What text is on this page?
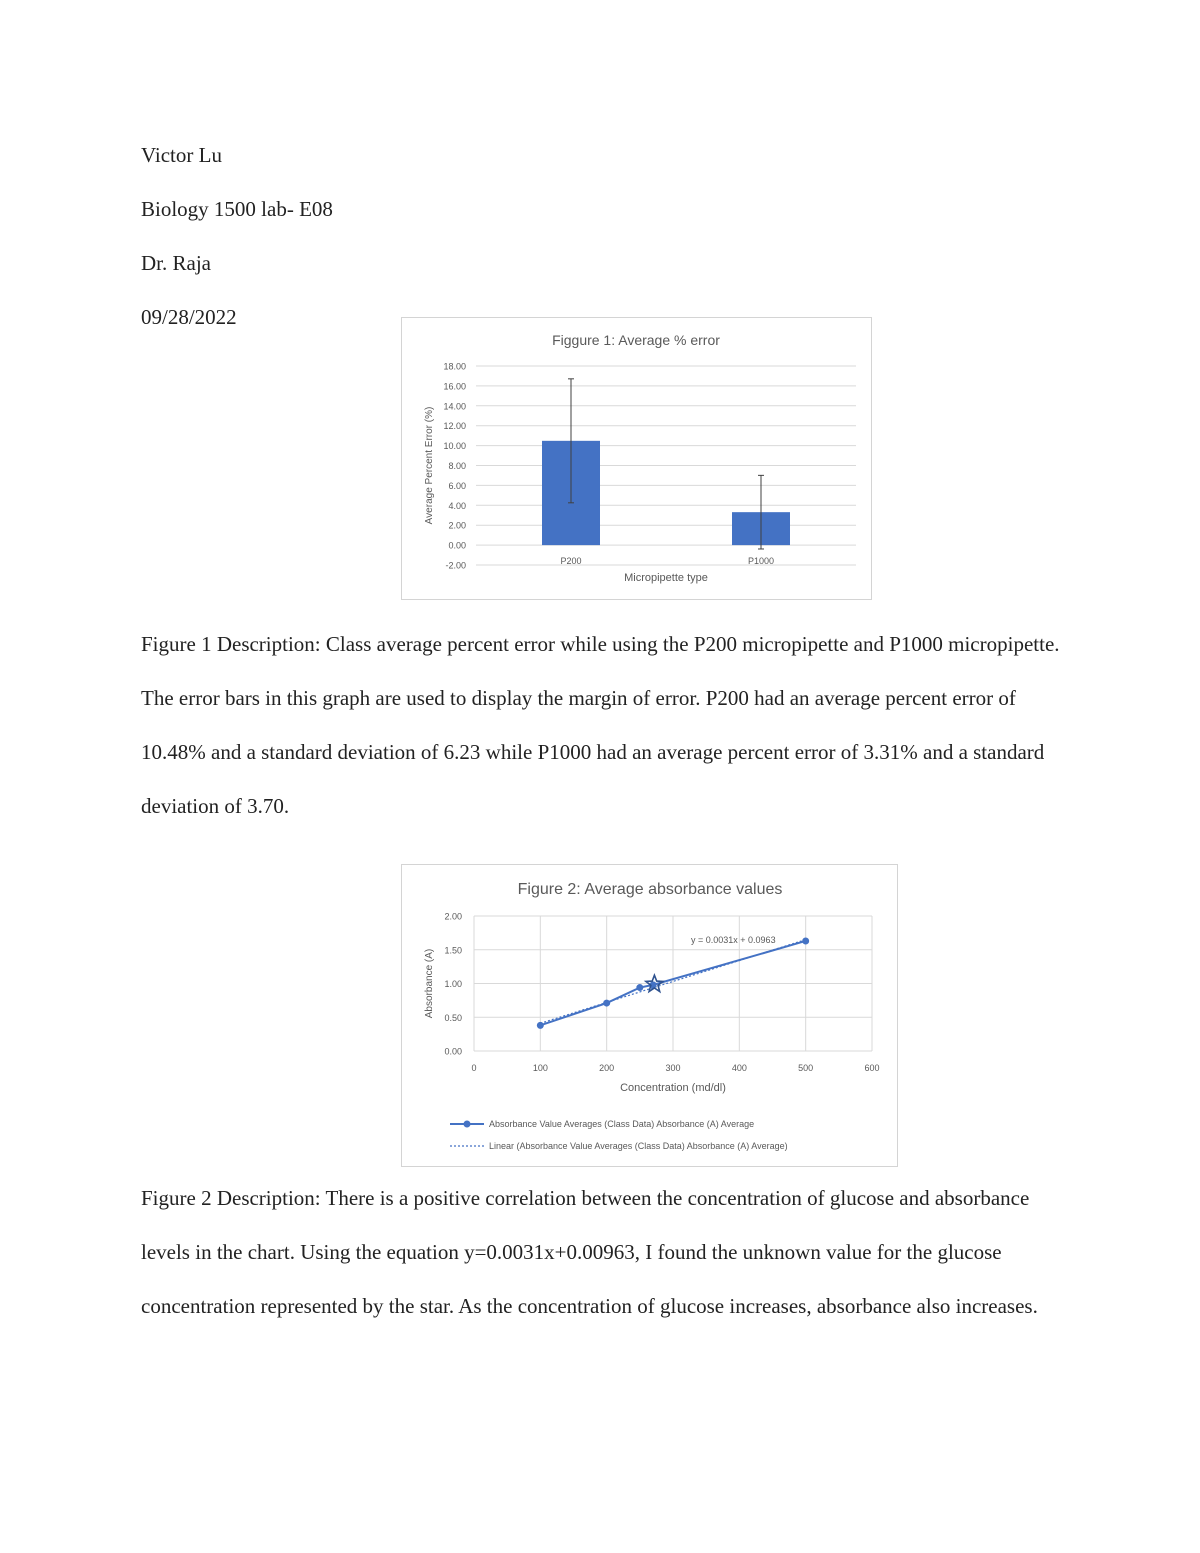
Victor Lu
Biology 1500 lab- E08
Dr. Raja
09/28/2022
Figgure 1: Average % error
18.00
16.00
14.00
12.00
10.00
8.00
6.00
4.00
2.00
0.00
-2.00	P200	P1000
Micropipette type
Average Percent Error (%)
Figure 1 Description: Class average percent error while using the P200 micropipette and P1000 micropipette. The error bars in this graph are used to display the margin of error. P200 had an average percent error of 10.48% and a standard deviation of 6.23 while P1000 had an average percent error of 3.31% and a standard deviation of 3.70.
Figure 2: Average absorbance values
2.00
1.50
1.00
0.50
0.00
0	100	200	300	400	500	600
y = 0.0031x + 0.0963
Concentration (md/dl)
Absorbance (A)
Absorbance Value Averages (Class Data) Absorbance (A) Average
Linear (Absorbance Value Averages (Class Data) Absorbance (A) Average)
Figure 2 Description: There is a positive correlation between the concentration of glucose and absorbance levels in the chart. Using the equation y=0.0031x+0.00963, I found the unknown value for the glucose concentration represented by the star. As the concentration of glucose increases, absorbance also increases.
